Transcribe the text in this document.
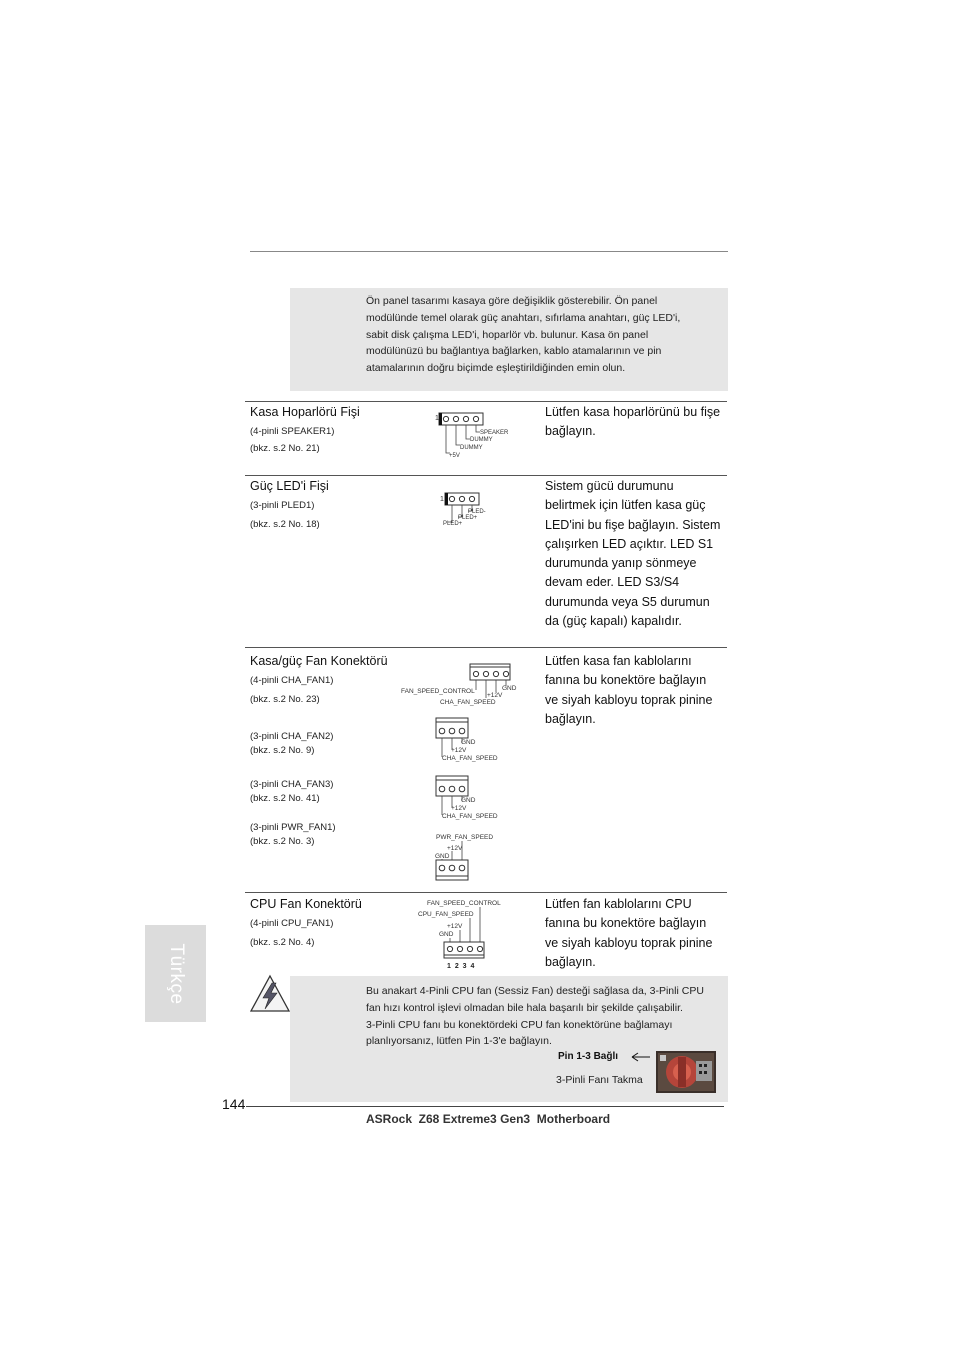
Ön panel tasarımı kasaya göre değişiklik gösterebilir. Ön panel
modülünde temel olarak güç anahtarı, sıfırlama anahtarı, güç LED'i,
sabit disk çalışma LED'i, hoparlör vb. bulunur. Kasa ön panel
modülünüzü bu bağlantıya bağlarken, kablo atamalarının ve pin
atamalarının doğru biçimde eşleştirildiğinden emin olun.
Kasa Hoparlörü Fişi
(4-pinli SPEAKER1)
(bkz. s.2 No. 21)
Lütfen kasa hoparlörünü bu fişe
bağlayın.
1
SPEAKER
DUMMY
DUMMY
+5V
Güç LED'i Fişi
(3-pinli PLED1)
(bkz. s.2 No. 18)
Sistem gücü durumunu
belirtmek için lütfen kasa güç
LED'ini bu fişe bağlayın. Sistem
çalışırken LED açıktır. LED S1
durumunda yanıp sönmeye
devam eder. LED S3/S4
durumunda veya S5 durumun
da (güç kapalı) kapalıdır.
1
PLED-
PLED+
PLED+
Kasa/güç Fan Konektörü
(4-pinli CHA_FAN1)
(bkz. s.2 No. 23)
Lütfen kasa fan kablolarını
fanına bu konektöre bağlayın
ve siyah kabloyu toprak pinine
bağlayın.
FAN_SPEED_CONTROL
CHA_FAN_SPEED
+12V
GND
(3-pinli CHA_FAN2)
(bkz. s.2 No. 9)
GND
+12V
CHA_FAN_SPEED
(3-pinli CHA_FAN3)
(bkz. s.2 No. 41)	GND
+12V
CHA_FAN_SPEED
(3-pinli PWR_FAN1)
(bkz. s.2 No. 3)	PWR_FAN_SPEED
+12V
GND
CPU Fan Konektörü
(4-pinli CPU_FAN1)
(bkz. s.2 No. 4)
Lütfen fan kablolarını CPU
fanına bu konektöre bağlayın
ve siyah kabloyu toprak pinine
bağlayın.
FAN_SPEED_CONTROL
CPU_FAN_SPEED
+12V
GND
1 2 3 4
Bu anakart 4-Pinli CPU fan (Sessiz Fan) desteği sağlasa da, 3-Pinli CPU
fan hızı kontrol işlevi olmadan bile hala başarılı bir şekilde çalışabilir.
3-Pinli CPU fanı bu konektördeki CPU fan konektörüne bağlamayı
planlıyorsanız, lütfen Pin 1-3'e bağlayın.
Pin 1-3 Bağlı
3-Pinli Fanı Takma
Türkçe
144
ASRock  Z68 Extreme3 Gen3  Motherboard
